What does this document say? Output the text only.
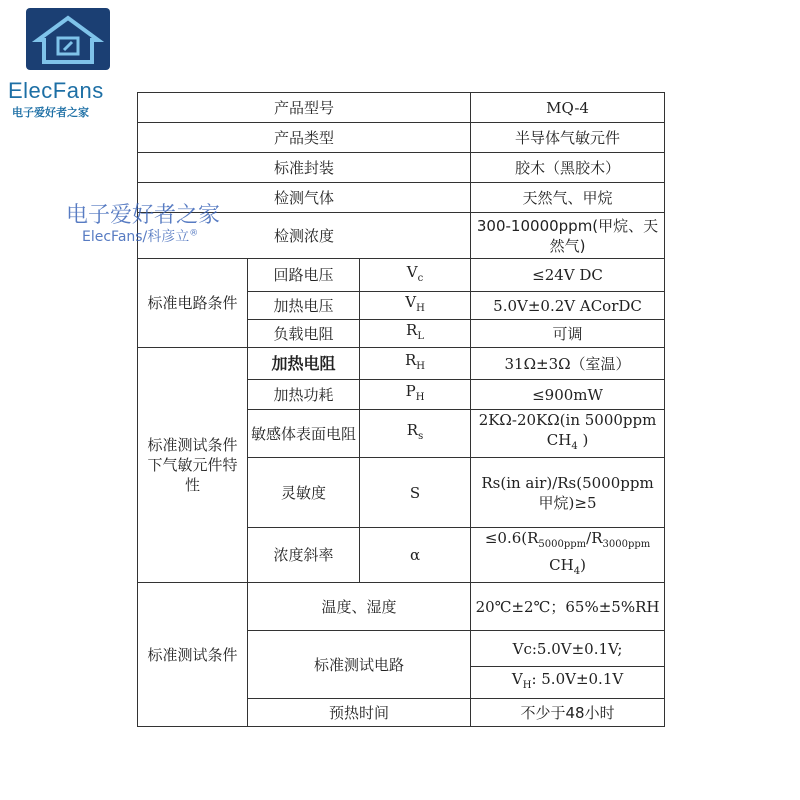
ElecFans
电子爱好者之家	产品型号			MQ-4
产品类型			半导体气敏元件
标准封装			胶木（黑胶木）
检测气体			天然气、甲烷
检测浓度			300-10000ppm(甲烷、天然气)
标准电路条件	回路电压	$V_c$	≤24V DC
	加热电压	$V_H$	5.0V±0.2V ACorDC
	负载电阻	$R_L$	可调
标准测试条件下气敏元件特性	加热电阻	$R_H$	31Ω±3Ω（室温）
	加热功耗	$P_H$	≤900mW
	敏感体表面电阻	$R_s$	2KΩ-20KΩ(in 5000ppm $CH_4$ )
	灵敏度	S	Rs(in air)/Rs(5000ppm甲烷)≥5
	浓度斜率	α	$\le 0.6(R_{5000ppm}/R_{3000ppm}$ $CH_4$)
标准测试条件	温度、湿度		20℃±2℃；65%±5%RH
	标准测试电路		Vc:5.0V±0.1V;
			$V_H$: 5.0V±0.1V
	预热时间		不少于48小时
电子爱好者之家
ElecFans/科彦立®
